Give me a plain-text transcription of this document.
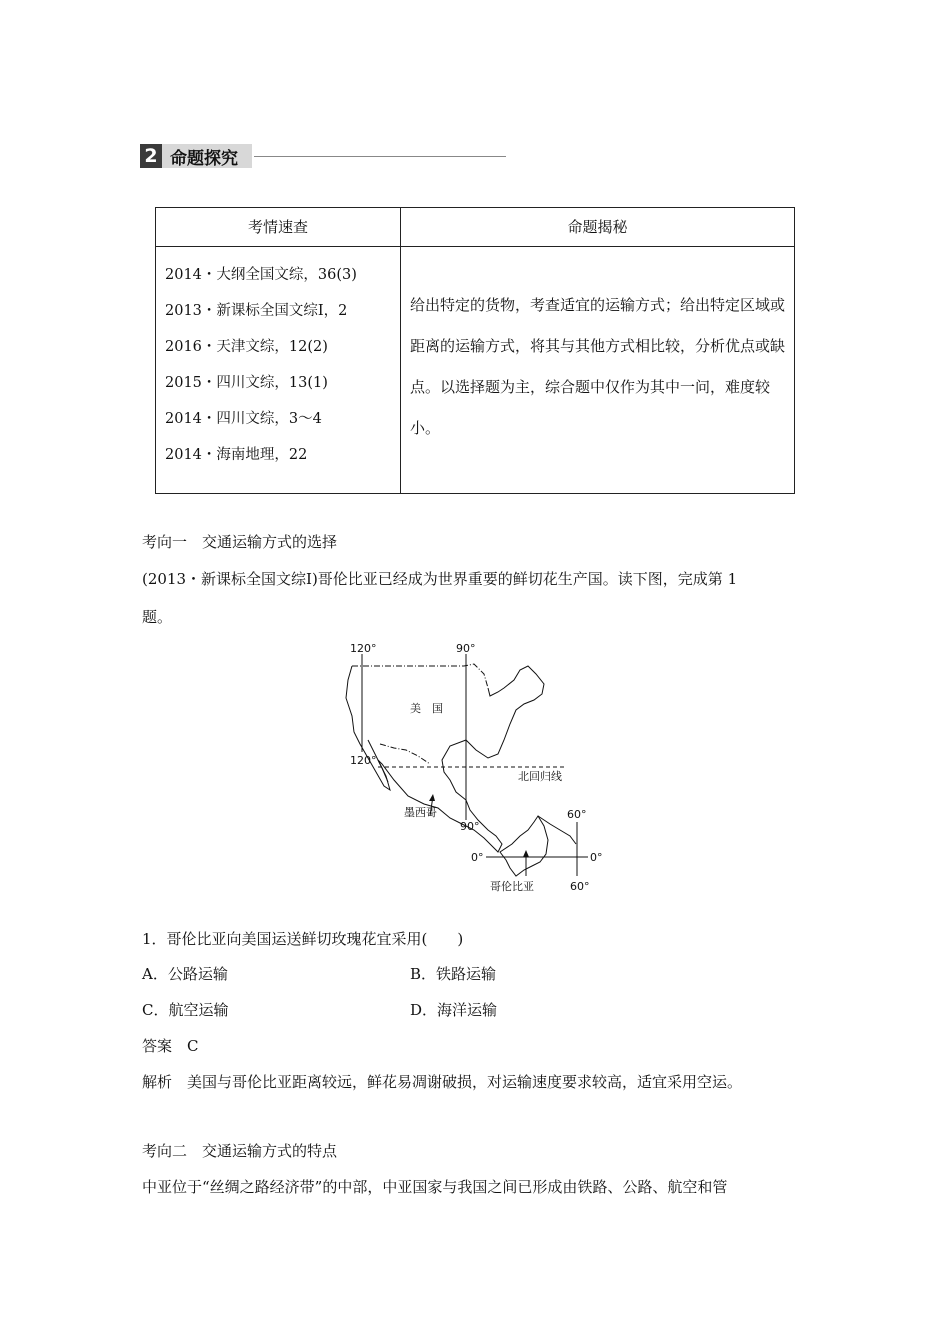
2 命题探究
考情速查	命题揭秘
2014・大纲全国文综，36(3)
2013・新课标全国文综Ⅰ，2
2016・天津文综，12(2)
2015・四川文综，13(1)
2014・四川文综，3～4
2014・海南地理，22
给出特定的货物，考查适宜的运输方式；给出特定区域或距离的运输方式，将其与其他方式相比较，分析优点或缺点。以选择题为主，综合题中仅作为其中一问，难度较小。
考向一　交通运输方式的选择
(2013・新课标全国文综Ⅰ)哥伦比亚已经成为世界重要的鲜切花生产国。读下图，完成第 1
题。
120°	90°
120°
90°
60°
60°
0°	0°
美　国
北回归线
墨西哥
哥伦比亚
1．哥伦比亚向美国运送鲜切玫瑰花宜采用(　　)
A．公路运输	B．铁路运输
C．航空运输	D．海洋运输
答案　C
解析　美国与哥伦比亚距离较远，鲜花易凋谢破损，对运输速度要求较高，适宜采用空运。
考向二　交通运输方式的特点
中亚位于“丝绸之路经济带”的中部，中亚国家与我国之间已形成由铁路、公路、航空和管
